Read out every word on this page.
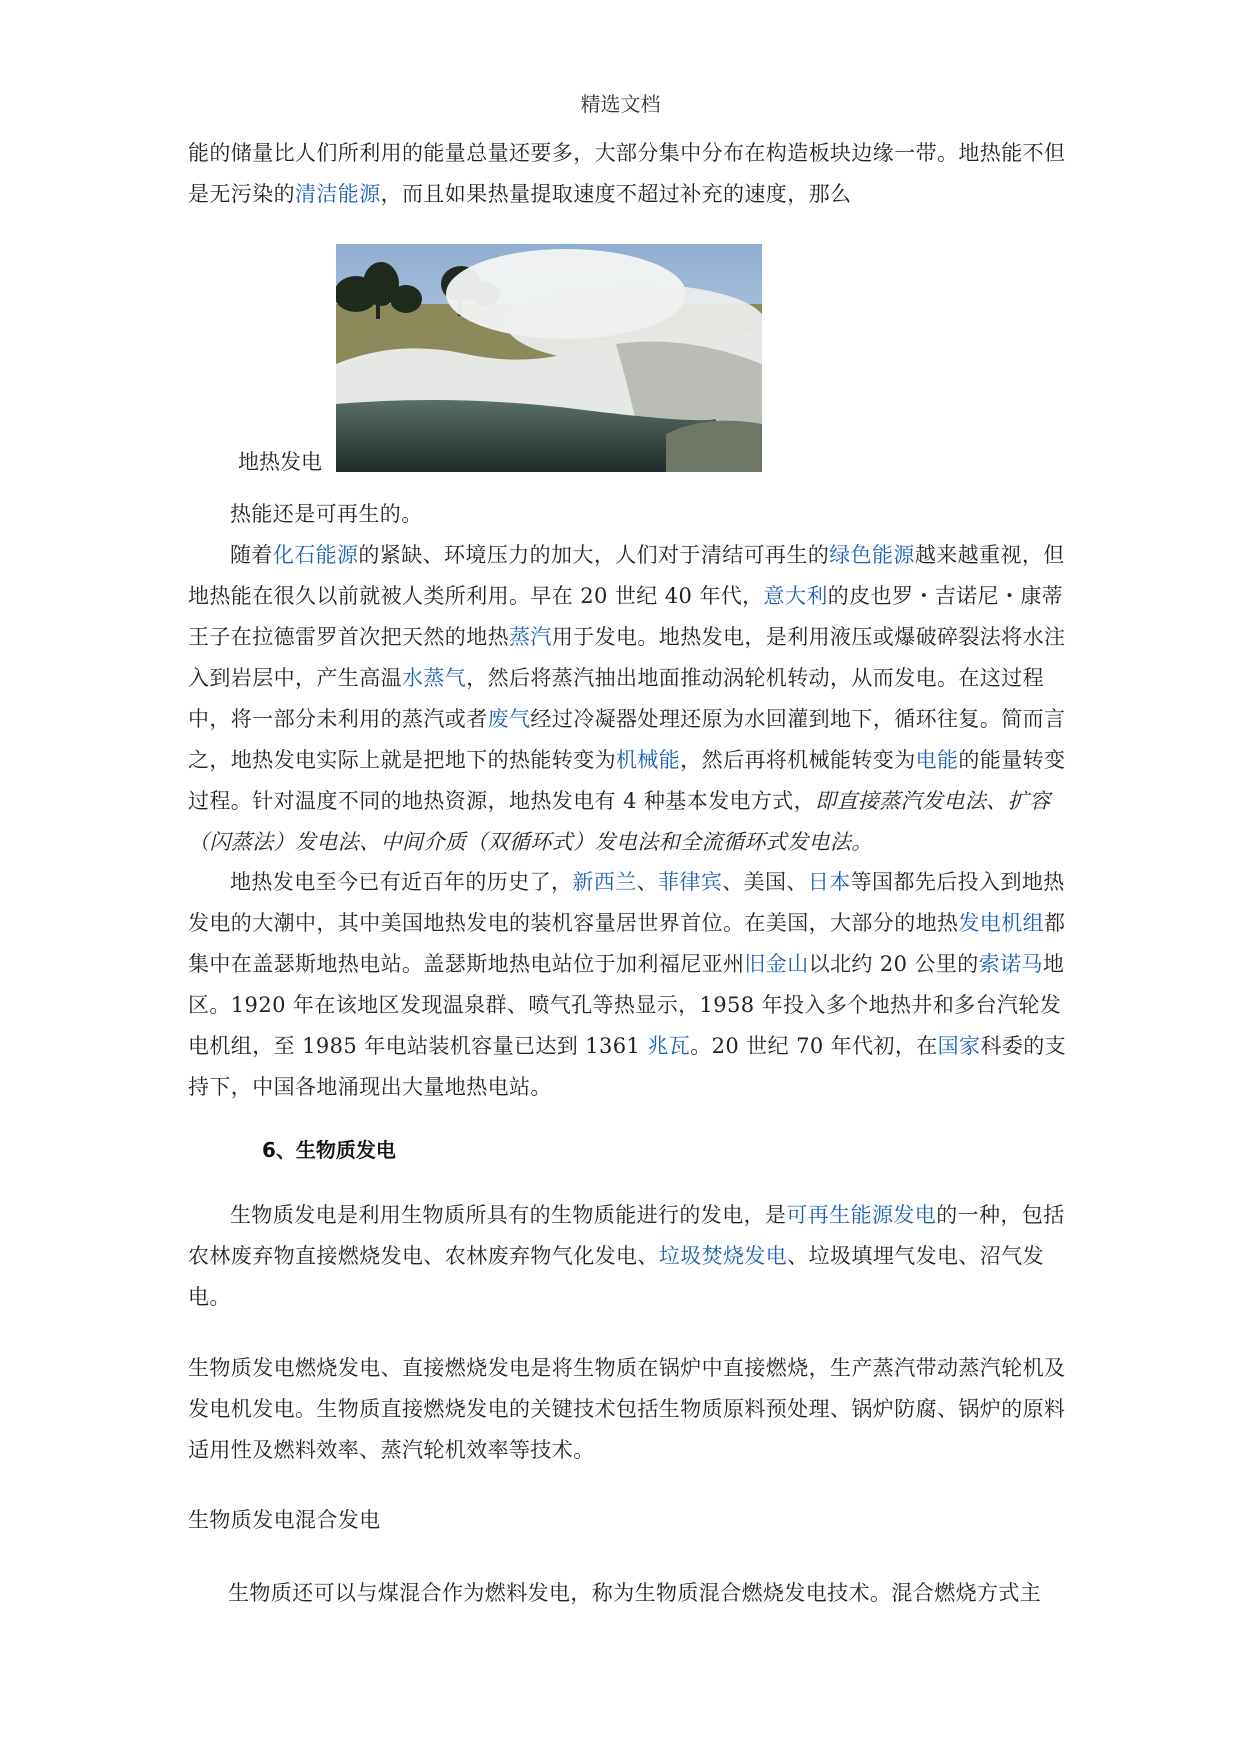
精选文档

能的储量比人们所利用的能量总量还要多，大部分集中分布在构造板块边缘一带。地热能不但是无污染的清洁能源，而且如果热量提取速度不超过补充的速度，那么

地热发电

热能还是可再生的。

随着化石能源的紧缺、环境压力的加大，人们对于清结可再生的绿色能源越来越重视，但地热能在很久以前就被人类所利用。早在 20 世纪 40 年代，意大利的皮也罗・吉诺尼・康蒂王子在拉德雷罗首次把天然的地热蒸汽用于发电。地热发电，是利用液压或爆破碎裂法将水注入到岩层中，产生高温水蒸气，然后将蒸汽抽出地面推动涡轮机转动，从而发电。在这过程中，将一部分未利用的蒸汽或者废气经过冷凝器处理还原为水回灌到地下，循环往复。简而言之，地热发电实际上就是把地下的热能转变为机械能，然后再将机械能转变为电能的能量转变过程。针对温度不同的地热资源，地热发电有 4 种基本发电方式，即直接蒸汽发电法、扩容（闪蒸法）发电法、中间介质（双循环式）发电法和全流循环式发电法。

地热发电至今已有近百年的历史了，新西兰、菲律宾、美国、日本等国都先后投入到地热发电的大潮中，其中美国地热发电的装机容量居世界首位。在美国，大部分的地热发电机组都集中在盖瑟斯地热电站。盖瑟斯地热电站位于加利福尼亚州旧金山以北约 20 公里的索诺马地区。1920 年在该地区发现温泉群、喷气孔等热显示，1958 年投入多个地热井和多台汽轮发电机组，至 1985 年电站装机容量已达到 1361 兆瓦。20 世纪 70 年代初，在国家科委的支持下，中国各地涌现出大量地热电站。

6、生物质发电

生物质发电是利用生物质所具有的生物质能进行的发电，是可再生能源发电的一种，包括农林废弃物直接燃烧发电、农林废弃物气化发电、垃圾焚烧发电、垃圾填埋气发电、沼气发电。

生物质发电燃烧发电、直接燃烧发电是将生物质在锅炉中直接燃烧，生产蒸汽带动蒸汽轮机及发电机发电。生物质直接燃烧发电的关键技术包括生物质原料预处理、锅炉防腐、锅炉的原料适用性及燃料效率、蒸汽轮机效率等技术。

生物质发电混合发电

生物质还可以与煤混合作为燃料发电，称为生物质混合燃烧发电技术。混合燃烧方式主
